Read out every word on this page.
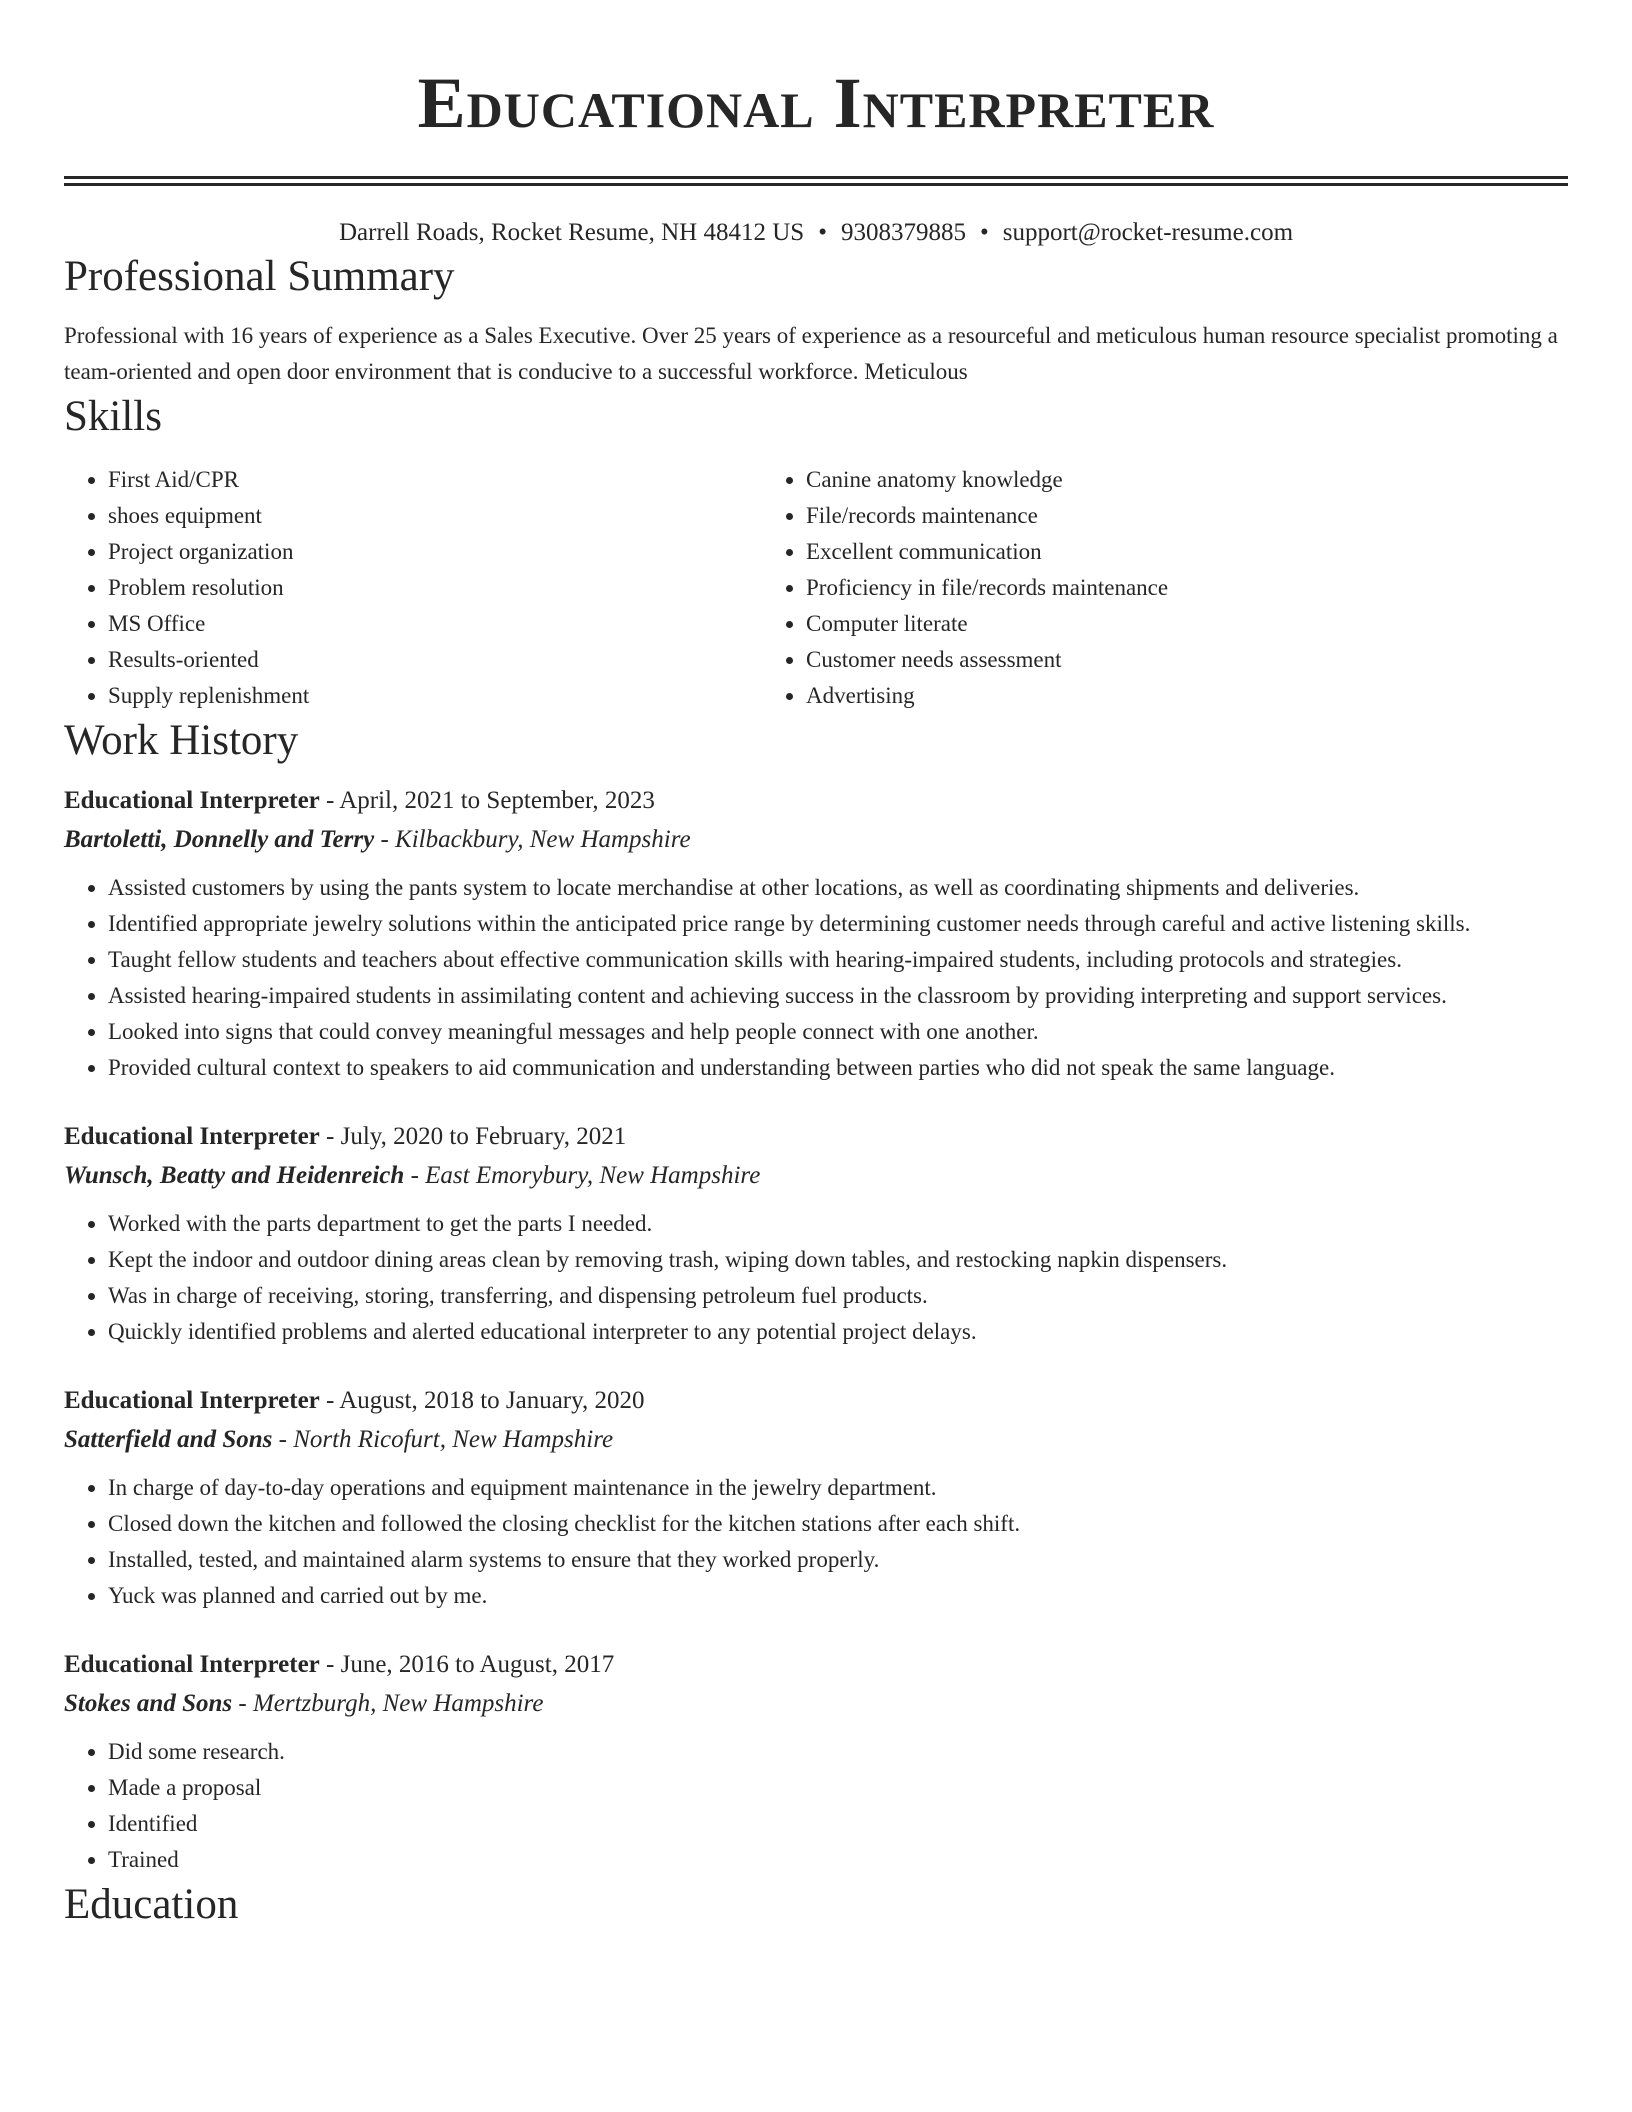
Educational Interpreter
Darrell Roads, Rocket Resume, NH 48412 US • 9308379885 • support@rocket-resume.com
Professional Summary
Professional with 16 years of experience as a Sales Executive. Over 25 years of experience as a resourceful and meticulous human resource specialist promoting a team-oriented and open door environment that is conducive to a successful workforce. Meticulous
Skills
• First Aid/CPR
• shoes equipment
• Project organization
• Problem resolution
• MS Office
• Results-oriented
• Supply replenishment
• Canine anatomy knowledge
• File/records maintenance
• Excellent communication
• Proficiency in file/records maintenance
• Computer literate
• Customer needs assessment
• Advertising
Work History
Educational Interpreter - April, 2021 to September, 2023
Bartoletti, Donnelly and Terry - Kilbackbury, New Hampshire
• Assisted customers by using the pants system to locate merchandise at other locations, as well as coordinating shipments and deliveries.
• Identified appropriate jewelry solutions within the anticipated price range by determining customer needs through careful and active listening skills.
• Taught fellow students and teachers about effective communication skills with hearing-impaired students, including protocols and strategies.
• Assisted hearing-impaired students in assimilating content and achieving success in the classroom by providing interpreting and support services.
• Looked into signs that could convey meaningful messages and help people connect with one another.
• Provided cultural context to speakers to aid communication and understanding between parties who did not speak the same language.
Educational Interpreter - July, 2020 to February, 2021
Wunsch, Beatty and Heidenreich - East Emorybury, New Hampshire
• Worked with the parts department to get the parts I needed.
• Kept the indoor and outdoor dining areas clean by removing trash, wiping down tables, and restocking napkin dispensers.
• Was in charge of receiving, storing, transferring, and dispensing petroleum fuel products.
• Quickly identified problems and alerted educational interpreter to any potential project delays.
Educational Interpreter - August, 2018 to January, 2020
Satterfield and Sons - North Ricofurt, New Hampshire
• In charge of day-to-day operations and equipment maintenance in the jewelry department.
• Closed down the kitchen and followed the closing checklist for the kitchen stations after each shift.
• Installed, tested, and maintained alarm systems to ensure that they worked properly.
• Yuck was planned and carried out by me.
Educational Interpreter - June, 2016 to August, 2017
Stokes and Sons - Mertzburgh, New Hampshire
• Did some research.
• Made a proposal
• Identified
• Trained
Education
